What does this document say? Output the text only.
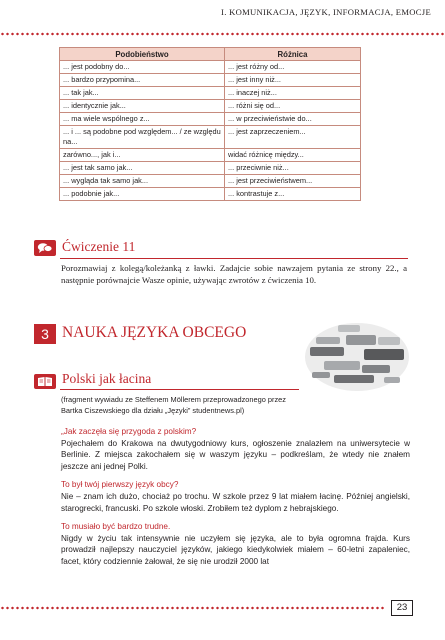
I. KOMUNIKACJA, JĘZYK, INFORMACJA, EMOCJE
Podobieństwo	Różnica
... jest podobny do...	... jest różny od...
... bardzo przypomina...	... jest inny niż...
... tak jak...	... inaczej niż...
... identycznie jak...	... różni się od...
... ma wiele wspólnego z...	... w przeciwieństwie do...
... i ... są podobne pod względem... / ze względu na...	... jest zaprzeczeniem...
zarówno..., jak i...	widać różnicę między...
... jest tak samo jak...	... przeciwnie niż...
... wygląda tak samo jak...	... jest przeciwieństwem...
... podobnie jak...	... kontrastuje z...
Ćwiczenie 11
Porozmawiaj z kolegą/koleżanką z ławki. Zadajcie sobie nawzajem pytania ze strony 22., a następnie porównajcie Wasze opinie, używając zwrotów z ćwiczenia 10.
3 NAUKA JĘZYKA OBCEGO
Polski jak łacina
(fragment wywiadu ze Steffenem Möllerem przeprowadzonego przez Bartka Ciszewskiego dla działu „Języki” studentnews.pl)
„Jak zaczęła się przygoda z polskim?

Pojechałem do Krakowa na dwutygodniowy kurs, ogłoszenie znalazłem na uniwersytecie w Berlinie. Z miejsca zakochałem się w waszym języku – podkreślam, że wtedy nie znałem jeszcze ani jednej Polki.

To był twój pierwszy język obcy?

Nie – znam ich dużo, chociaż po trochu. W szkole przez 9 lat miałem łacinę. Później angielski, starogrecki, francuski. Po szkole włoski. Zrobiłem też dyplom z hebrajskiego.

To musiało być bardzo trudne.

Nigdy w życiu tak intensywnie nie uczyłem się języka, ale to była ogromna frajda. Kurs prowadził najlepszy nauczyciel języków, jakiego kiedykolwiek miałem – 60-letni zapaleniec, facet, który codziennie żałował, że się nie urodził 2000 lat

23
